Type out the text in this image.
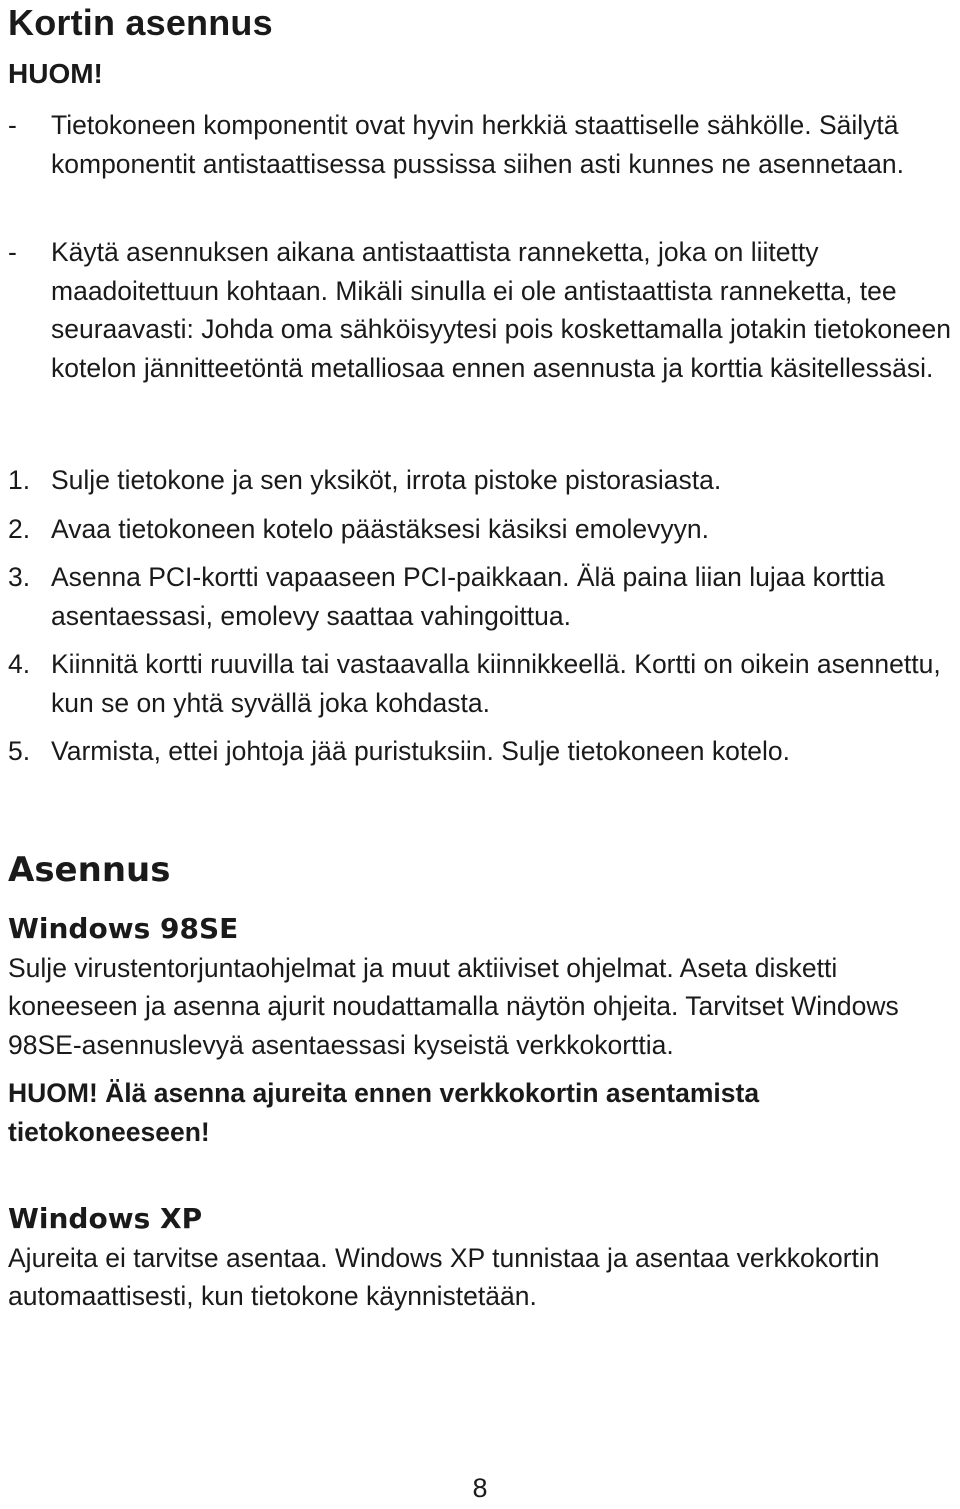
Kortin asennus
HUOM!
-	Tietokoneen komponentit ovat hyvin herkkiä staattiselle sähkölle. Säilytä komponentit antistaattisessa pussissa siihen asti kunnes ne asennetaan.
-	Käytä asennuksen aikana antistaattista ranneketta, joka on liitetty maadoitettuun kohtaan. Mikäli sinulla ei ole antistaattista ranneketta, tee seuraavasti: Johda oma sähköisyytesi pois koskettamalla jotakin tietokoneen kotelon jännitteetöntä metalliosaa ennen asennusta ja korttia käsitellessäsi.
1. Sulje tietokone ja sen yksiköt, irrota pistoke pistorasiasta.
2. Avaa tietokoneen kotelo päästäksesi käsiksi emolevyyn.
3. Asenna PCI-kortti vapaaseen PCI-paikkaan. Älä paina liian lujaa korttia asentaessasi, emolevy saattaa vahingoittua.
4. Kiinnitä kortti ruuvilla tai vastaavalla kiinnikkeellä. Kortti on oikein asennettu, kun se on yhtä syvällä joka kohdasta.
5. Varmista, ettei johtoja jää puristuksiin. Sulje tietokoneen kotelo.
Asennus
Windows 98SE
Sulje virustentorjuntaohjelmat ja muut aktiiviset ohjelmat. Aseta disketti koneeseen ja asenna ajurit noudattamalla näytön ohjeita. Tarvitset Windows 98SE-asennuslevyä asentaessasi kyseistä verkkokorttia.
HUOM! Älä asenna ajureita ennen verkkokortin asentamista tietokoneeseen!
Windows XP
Ajureita ei tarvitse asentaa. Windows XP tunnistaa ja asentaa verkkokortin automaattisesti, kun tietokone käynnistetään.
8
